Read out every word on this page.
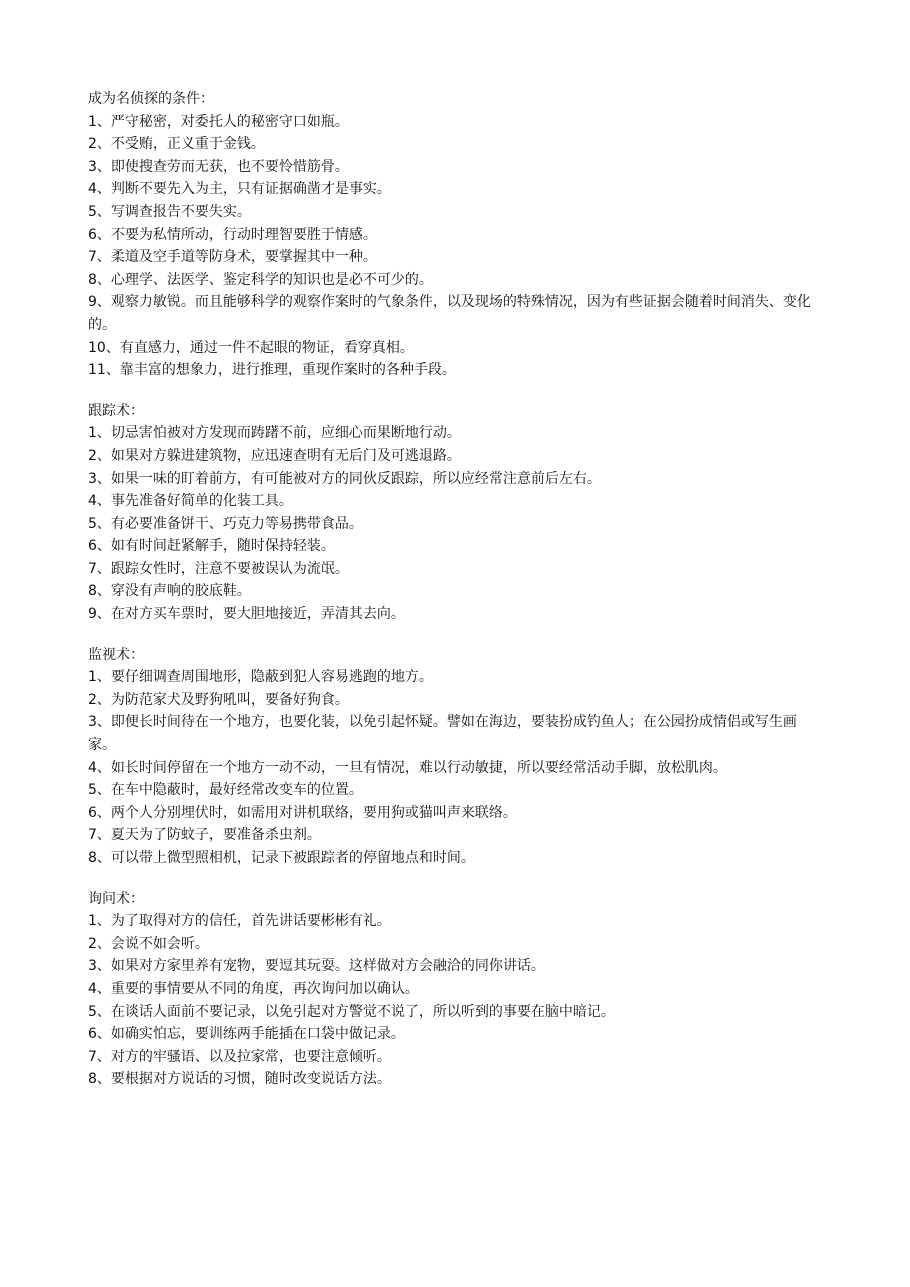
成为名侦探的条件：

1、严守秘密，对委托人的秘密守口如瓶。

2、不受贿，正义重于金钱。

3、即使搜查劳而无获，也不要怜惜筋骨。

4、判断不要先入为主，只有证据确凿才是事实。

5、写调查报告不要失实。

6、不要为私情所动，行动时理智要胜于情感。

7、柔道及空手道等防身术，要掌握其中一种。

8、心理学、法医学、鉴定科学的知识也是必不可少的。

9、观察力敏锐。而且能够科学的观察作案时的气象条件，以及现场的特殊情况，因为有些证据会随着时间消失、变化的。

10、有直感力，通过一件不起眼的物证，看穿真相。

11、靠丰富的想象力，进行推理，重现作案时的各种手段。

跟踪术：

1、切忌害怕被对方发现而踌躇不前，应细心而果断地行动。

2、如果对方躲进建筑物，应迅速查明有无后门及可逃退路。

3、如果一味的盯着前方，有可能被对方的同伙反跟踪，所以应经常注意前后左右。

4、事先准备好简单的化装工具。

5、有必要准备饼干、巧克力等易携带食品。

6、如有时间赶紧解手，随时保持轻装。

7、跟踪女性时，注意不要被误认为流氓。

8、穿没有声响的胶底鞋。

9、在对方买车票时，要大胆地接近，弄清其去向。

监视术：

1、要仔细调查周围地形，隐蔽到犯人容易逃跑的地方。

2、为防范家犬及野狗吼叫，要备好狗食。

3、即便长时间待在一个地方，也要化装，以免引起怀疑。譬如在海边，要装扮成钓鱼人；在公园扮成情侣或写生画家。

4、如长时间停留在一个地方一动不动，一旦有情况，难以行动敏捷，所以要经常活动手脚，放松肌肉。

5、在车中隐蔽时，最好经常改变车的位置。

6、两个人分别埋伏时，如需用对讲机联络，要用狗或猫叫声来联络。

7、夏天为了防蚊子，要准备杀虫剂。

8、可以带上微型照相机，记录下被跟踪者的停留地点和时间。

询问术：

1、为了取得对方的信任，首先讲话要彬彬有礼。

2、会说不如会听。

3、如果对方家里养有宠物，要逗其玩耍。这样做对方会融洽的同你讲话。

4、重要的事情要从不同的角度，再次询问加以确认。

5、在谈话人面前不要记录，以免引起对方警觉不说了，所以听到的事要在脑中暗记。

6、如确实怕忘，要训练两手能插在口袋中做记录。

7、对方的牢骚语、以及拉家常，也要注意倾听。

8、要根据对方说话的习惯，随时改变说话方法。
